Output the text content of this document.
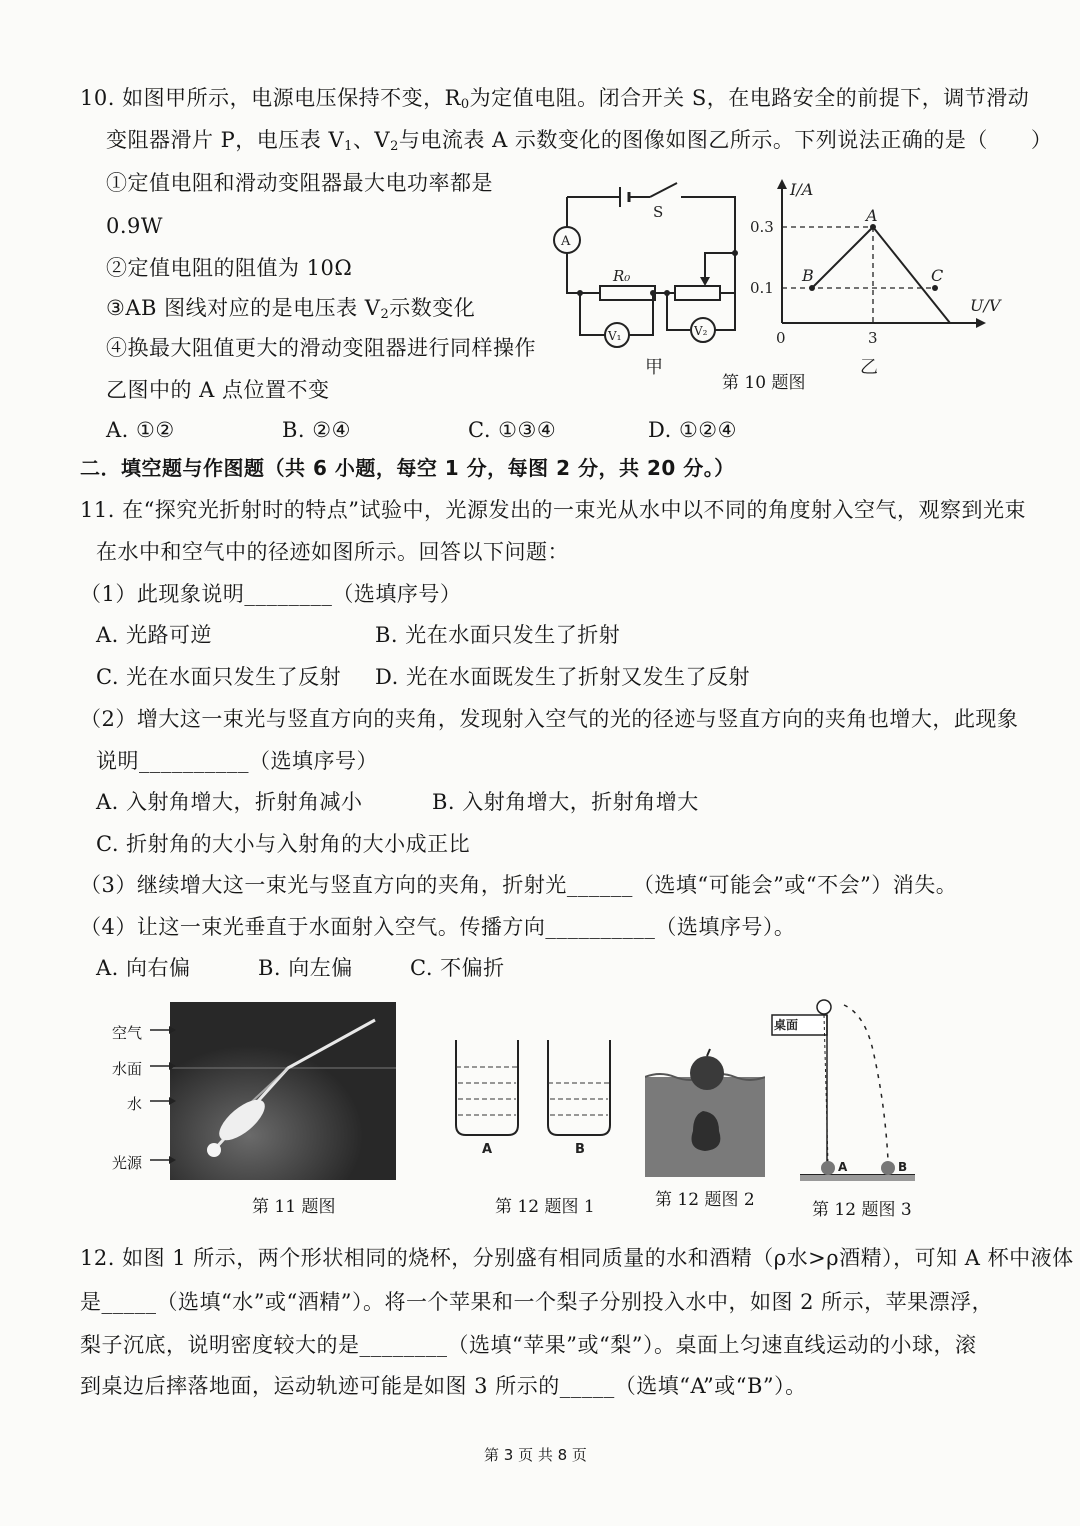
10. 如图甲所示，电源电压保持不变，$R_0$为定值电阻。闭合开关 S，在电路安全的前提下，调节滑动
变阻器滑片 P，电压表 $V_1$、$V_2$与电流表 A 示数变化的图像如图乙所示。下列说法正确的是（　　）
①定值电阻和滑动变阻器最大电功率都是
0.9W
②定值电阻的阻值为 10Ω
③AB 图线对应的是电压表 $V_2$示数变化
④换最大阻值更大的滑动变阻器进行同样操作
乙图中的 A 点位置不变
A. ①②	B. ②④	C. ①③④	D. ①②④
S
A
R₀
V₁	V₂
甲
I/A
U/V
A
B	C
0.3
0.1
0	3
乙
第 10 题图
二．填空题与作图题（共 6 小题，每空 1 分，每图 2 分，共 20 分。）
11. 在“探究光折射时的特点”试验中，光源发出的一束光从水中以不同的角度射入空气，观察到光束
在水中和空气中的径迹如图所示。回答以下问题：
（1）此现象说明________（选填序号）
A. 光路可逆	B. 光在水面只发生了折射
C. 光在水面只发生了反射 D. 光在水面既发生了折射又发生了反射
（2）增大这一束光与竖直方向的夹角，发现射入空气的光的径迹与竖直方向的夹角也增大，此现象
说明__________（选填序号）
A. 入射角增大，折射角减小	B. 入射角增大，折射角增大
C. 折射角的大小与入射角的大小成正比
（3）继续增大这一束光与竖直方向的夹角，折射光______（选填“可能会”或“不会”）消失。
（4）让这一束光垂直于水面射入空气。传播方向__________（选填序号）。
A. 向右偏	B. 向左偏	C. 不偏折
空气
水面
水
光源
第 11 题图
A	B
第 12 题图 1	第 12 题图 2
桌面
A	B
第 12 题图 3
12. 如图 1 所示，两个形状相同的烧杯，分别盛有相同质量的水和酒精（ρ水>ρ酒精），可知 A 杯中液体
是_____（选填“水”或“酒精”）。将一个苹果和一个梨子分别投入水中，如图 2 所示，苹果漂浮，
梨子沉底，说明密度较大的是________（选填“苹果”或“梨”）。桌面上匀速直线运动的小球，滚
到桌边后摔落地面，运动轨迹可能是如图 3 所示的_____（选填“A”或“B”）。
第 3 页 共 8 页
